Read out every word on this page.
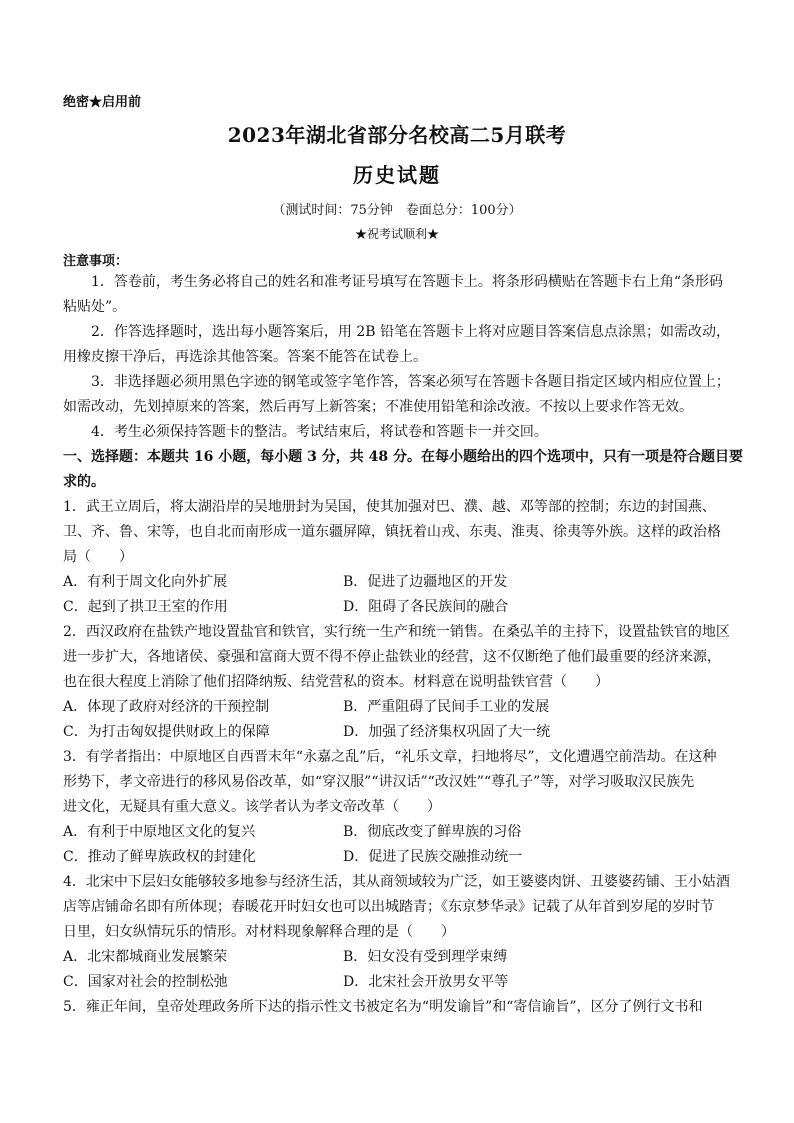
绝密★启用前
2023年湖北省部分名校高二5月联考
历史试题
（测试时间：75分钟　卷面总分：100分）
★祝考试顺利★
注意事项：
1．答卷前，考生务必将自己的姓名和准考证号填写在答题卡上。将条形码横贴在答题卡右上角“条形码
粘贴处”。
2．作答选择题时，选出每小题答案后，用 2B 铅笔在答题卡上将对应题目答案信息点涂黑；如需改动，
用橡皮擦干净后，再选涂其他答案。答案不能答在试卷上。
3．非选择题必须用黑色字迹的钢笔或签字笔作答，答案必须写在答题卡各题目指定区域内相应位置上；
如需改动，先划掉原来的答案，然后再写上新答案；不准使用铅笔和涂改液。不按以上要求作答无效。
4．考生必须保持答题卡的整洁。考试结束后，将试卷和答题卡一并交回。
一、选择题：本题共 16 小题，每小题 3 分，共 48 分。在每小题给出的四个选项中，只有一项是符合题目要
求的。
1．武王立周后，将太湖沿岸的吴地册封为吴国，使其加强对巴、濮、越、邓等部的控制；东边的封国燕、
卫、齐、鲁、宋等，也自北而南形成一道东疆屏障，镇抚着山戎、东夷、淮夷、徐夷等外族。这样的政治格
局（　　）
A．有利于周文化向外扩展	B．促进了边疆地区的开发
C．起到了拱卫王室的作用	D．阻碍了各民族间的融合
2．西汉政府在盐铁产地设置盐官和铁官，实行统一生产和统一销售。在桑弘羊的主持下，设置盐铁官的地区
进一步扩大，各地诸侯、豪强和富商大贾不得不停止盐铁业的经营，这不仅断绝了他们最重要的经济来源，
也在很大程度上消除了他们招降纳叛、结党营私的资本。材料意在说明盐铁官营（　　）
A．体现了政府对经济的干预控制	B．严重阻碍了民间手工业的发展
C．为打击匈奴提供财政上的保障	D．加强了经济集权巩固了大一统
3．有学者指出：中原地区自西晋末年“永嘉之乱”后，“礼乐文章，扫地将尽”，文化遭遇空前浩劫。在这种
形势下，孝文帝进行的移风易俗改革，如“穿汉服”“讲汉话”“改汉姓”“尊孔子”等，对学习吸取汉民族先
进文化，无疑具有重大意义。该学者认为孝文帝改革（　　）
A．有利于中原地区文化的复兴	B．彻底改变了鲜卑族的习俗
C．推动了鲜卑族政权的封建化	D．促进了民族交融推动统一
4．北宋中下层妇女能够较多地参与经济生活，其从商领域较为广泛，如王婆婆肉饼、丑婆婆药铺、王小姑酒
店等店铺命名即有所体现；春暖花开时妇女也可以出城踏青；《东京梦华录》记载了从年首到岁尾的岁时节
日里，妇女纵情玩乐的情形。对材料现象解释合理的是（　　）
A．北宋都城商业发展繁荣	B．妇女没有受到理学束缚
C．国家对社会的控制松弛	D．北宋社会开放男女平等
5．雍正年间，皇帝处理政务所下达的指示性文书被定名为“明发谕旨”和“寄信谕旨”，区分了例行文书和
